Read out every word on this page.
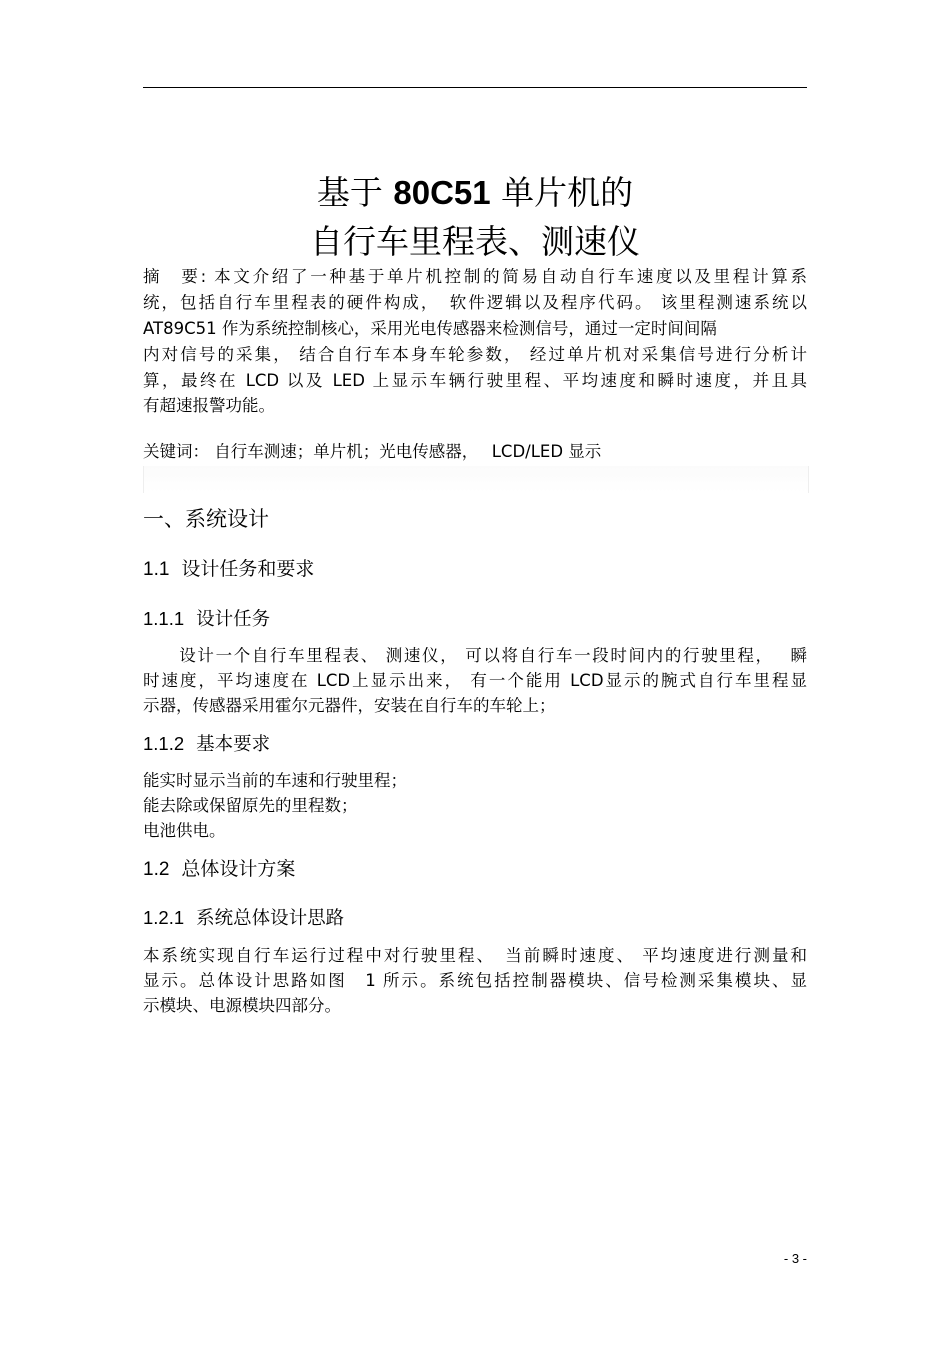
基于 80C51 单片机的
自行车里程表、测速仪
摘　要: 本文介绍了一种基于单片机控制的简易自动自行车速度以及里程计算系
统，包括自行车里程表的硬件构成，　软件逻辑以及程序代码。 该里程测速系统以
AT89C51 作为系统控制核心，采用光电传感器来检测信号，通过一定时间间隔
内对信号的采集， 结合自行车本身车轮参数， 经过单片机对采集信号进行分析计
算，最终在 LCD 以及 LED 上显示车辆行驶里程、平均速度和瞬时速度，并且具
有超速报警功能。
关键词： 自行车测速；单片机；光电传感器，　 LCD/LED 显示
一、系统设计
1.1 设计任务和要求
1.1.1 设计任务
　　设计一个自行车里程表、 测速仪， 可以将自行车一段时间内的行驶里程，　 瞬
时速度，平均速度在 LCD上显示出来， 有一个能用 LCD显示的腕式自行车里程显
示器，传感器采用霍尔元器件，安装在自行车的车轮上；
1.1.2 基本要求
能实时显示当前的车速和行驶里程；
能去除或保留原先的里程数；
电池供电。
1.2 总体设计方案
1.2.1 系统总体设计思路
本系统实现自行车运行过程中对行驶里程、　当前瞬时速度、 平均速度进行测量和
显示。总体设计思路如图　1 所示。系统包括控制器模块、信号检测采集模块、显
示模块、电源模块四部分。
- 3 -
